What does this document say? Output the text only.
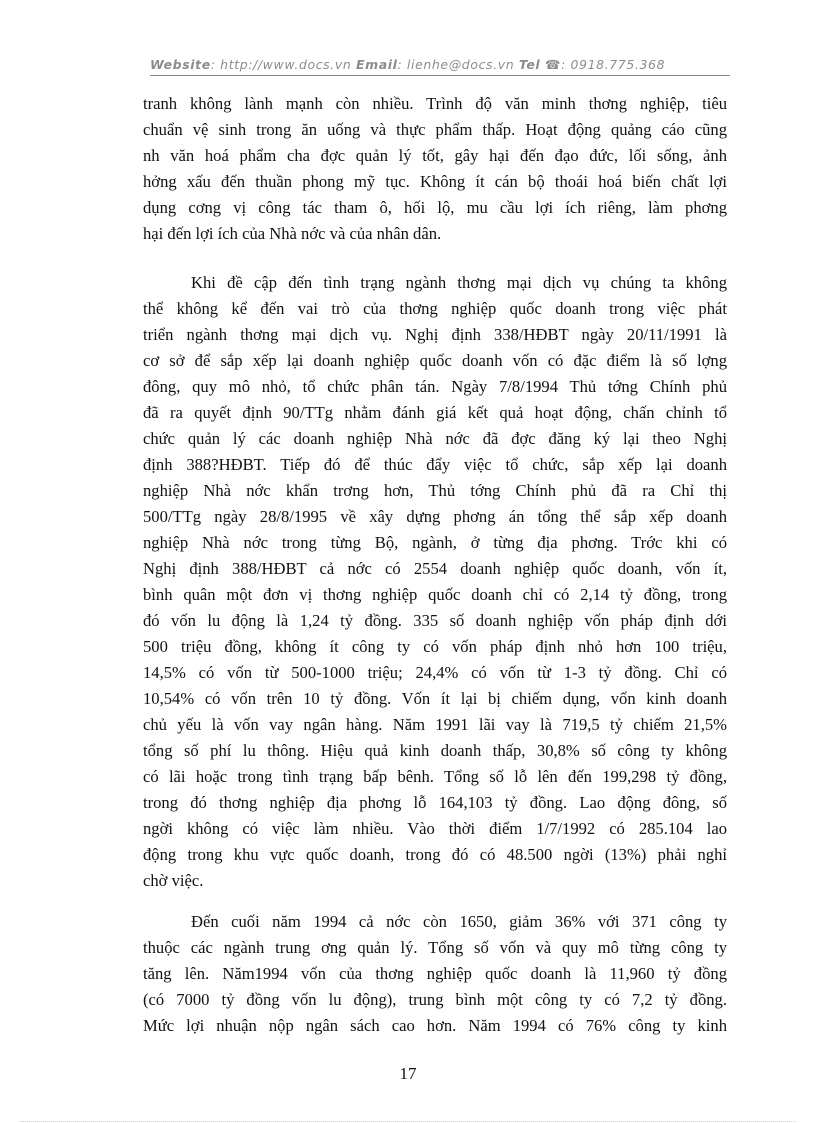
Website: http://www.docs.vn Email: lienhe@docs.vn Tel ☎: 0918.775.368
tranh không lành mạnh còn nhiều. Trình độ văn minh thơng nghiệp, tiêu
chuẩn vệ sinh trong ăn uống và thực phẩm thấp. Hoạt động quảng cáo cũng
nh văn hoá phẩm cha đợc quản lý tốt, gây hại đến đạo đức, lối sống, ảnh
hởng xấu đến thuần phong mỹ tục. Không ít cán bộ thoái hoá biến chất lợi
dụng cơng vị công tác tham ô, hối lộ, mu cầu lợi ích riêng, làm phơng
hại đến lợi ích của Nhà nớc và của nhân dân.
Khi đề cập đến tình trạng ngành thơng mại dịch vụ chúng ta không
thể không kể đến vai trò của thơng nghiệp quốc doanh trong việc phát
triển ngành thơng mại dịch vụ. Nghị định 338/HĐBT ngày 20/11/1991 là
cơ sở để sắp xếp lại doanh nghiệp quốc doanh vốn có đặc điểm là số lợng
đông, quy mô nhỏ, tổ chức phân tán. Ngày 7/8/1994 Thủ tớng Chính phủ
đã ra quyết định 90/TTg nhằm đánh giá kết quả hoạt động, chấn chỉnh tổ
chức quản lý các doanh nghiệp Nhà nớc đã đợc đăng ký lại theo Nghị
định 388?HĐBT. Tiếp đó để thúc đẩy việc tổ chức, sắp xếp lại doanh
nghiệp Nhà nớc khẩn trơng hơn, Thủ tớng Chính phủ đã ra Chỉ thị
500/TTg ngày 28/8/1995 về xây dựng phơng án tổng thể sắp xếp doanh
nghiệp Nhà nớc trong từng Bộ, ngành, ở từng địa phơng. Trớc khi có
Nghị định 388/HĐBT cả nớc có 2554 doanh nghiệp quốc doanh, vốn ít,
bình quân một đơn vị thơng nghiệp quốc doanh chỉ có 2,14 tỷ đồng, trong
đó vốn lu động là 1,24 tỷ đồng. 335 số doanh nghiệp vốn pháp định dới
500 triệu đồng, không ít công ty có vốn pháp định nhỏ hơn 100 triệu,
14,5% có vốn từ 500-1000 triệu; 24,4% có vốn từ 1-3 tỷ đồng. Chỉ có
10,54% có vốn trên 10 tỷ đồng. Vốn ít lại bị chiếm dụng, vốn kinh doanh
chủ yếu là vốn vay ngân hàng. Năm 1991 lãi vay là 719,5 tỷ chiếm 21,5%
tổng số phí lu thông. Hiệu quả kinh doanh thấp, 30,8% số công ty không
có lãi hoặc trong tình trạng bấp bênh. Tổng số lỗ lên đến 199,298 tỷ đồng,
trong đó thơng nghiệp địa phơng lỗ 164,103 tỷ đồng. Lao động đông, số
ngời không có việc làm nhiều. Vào thời điểm 1/7/1992 có 285.104 lao
động trong khu vực quốc doanh, trong đó có 48.500 ngời (13%) phải nghỉ
chờ việc.
Đến cuối năm 1994 cả nớc còn 1650, giảm 36% với 371 công ty
thuộc các ngành trung ơng quản lý. Tổng số vốn và quy mô từng công ty
tăng lên. Năm1994 vốn của thơng nghiệp quốc doanh là 11,960 tỷ đồng
(có 7000 tỷ đồng vốn lu động), trung bình một công ty có 7,2 tỷ đồng.
Mức lợi nhuận nộp ngân sách cao hơn. Năm 1994 có 76% công ty kinh
17
